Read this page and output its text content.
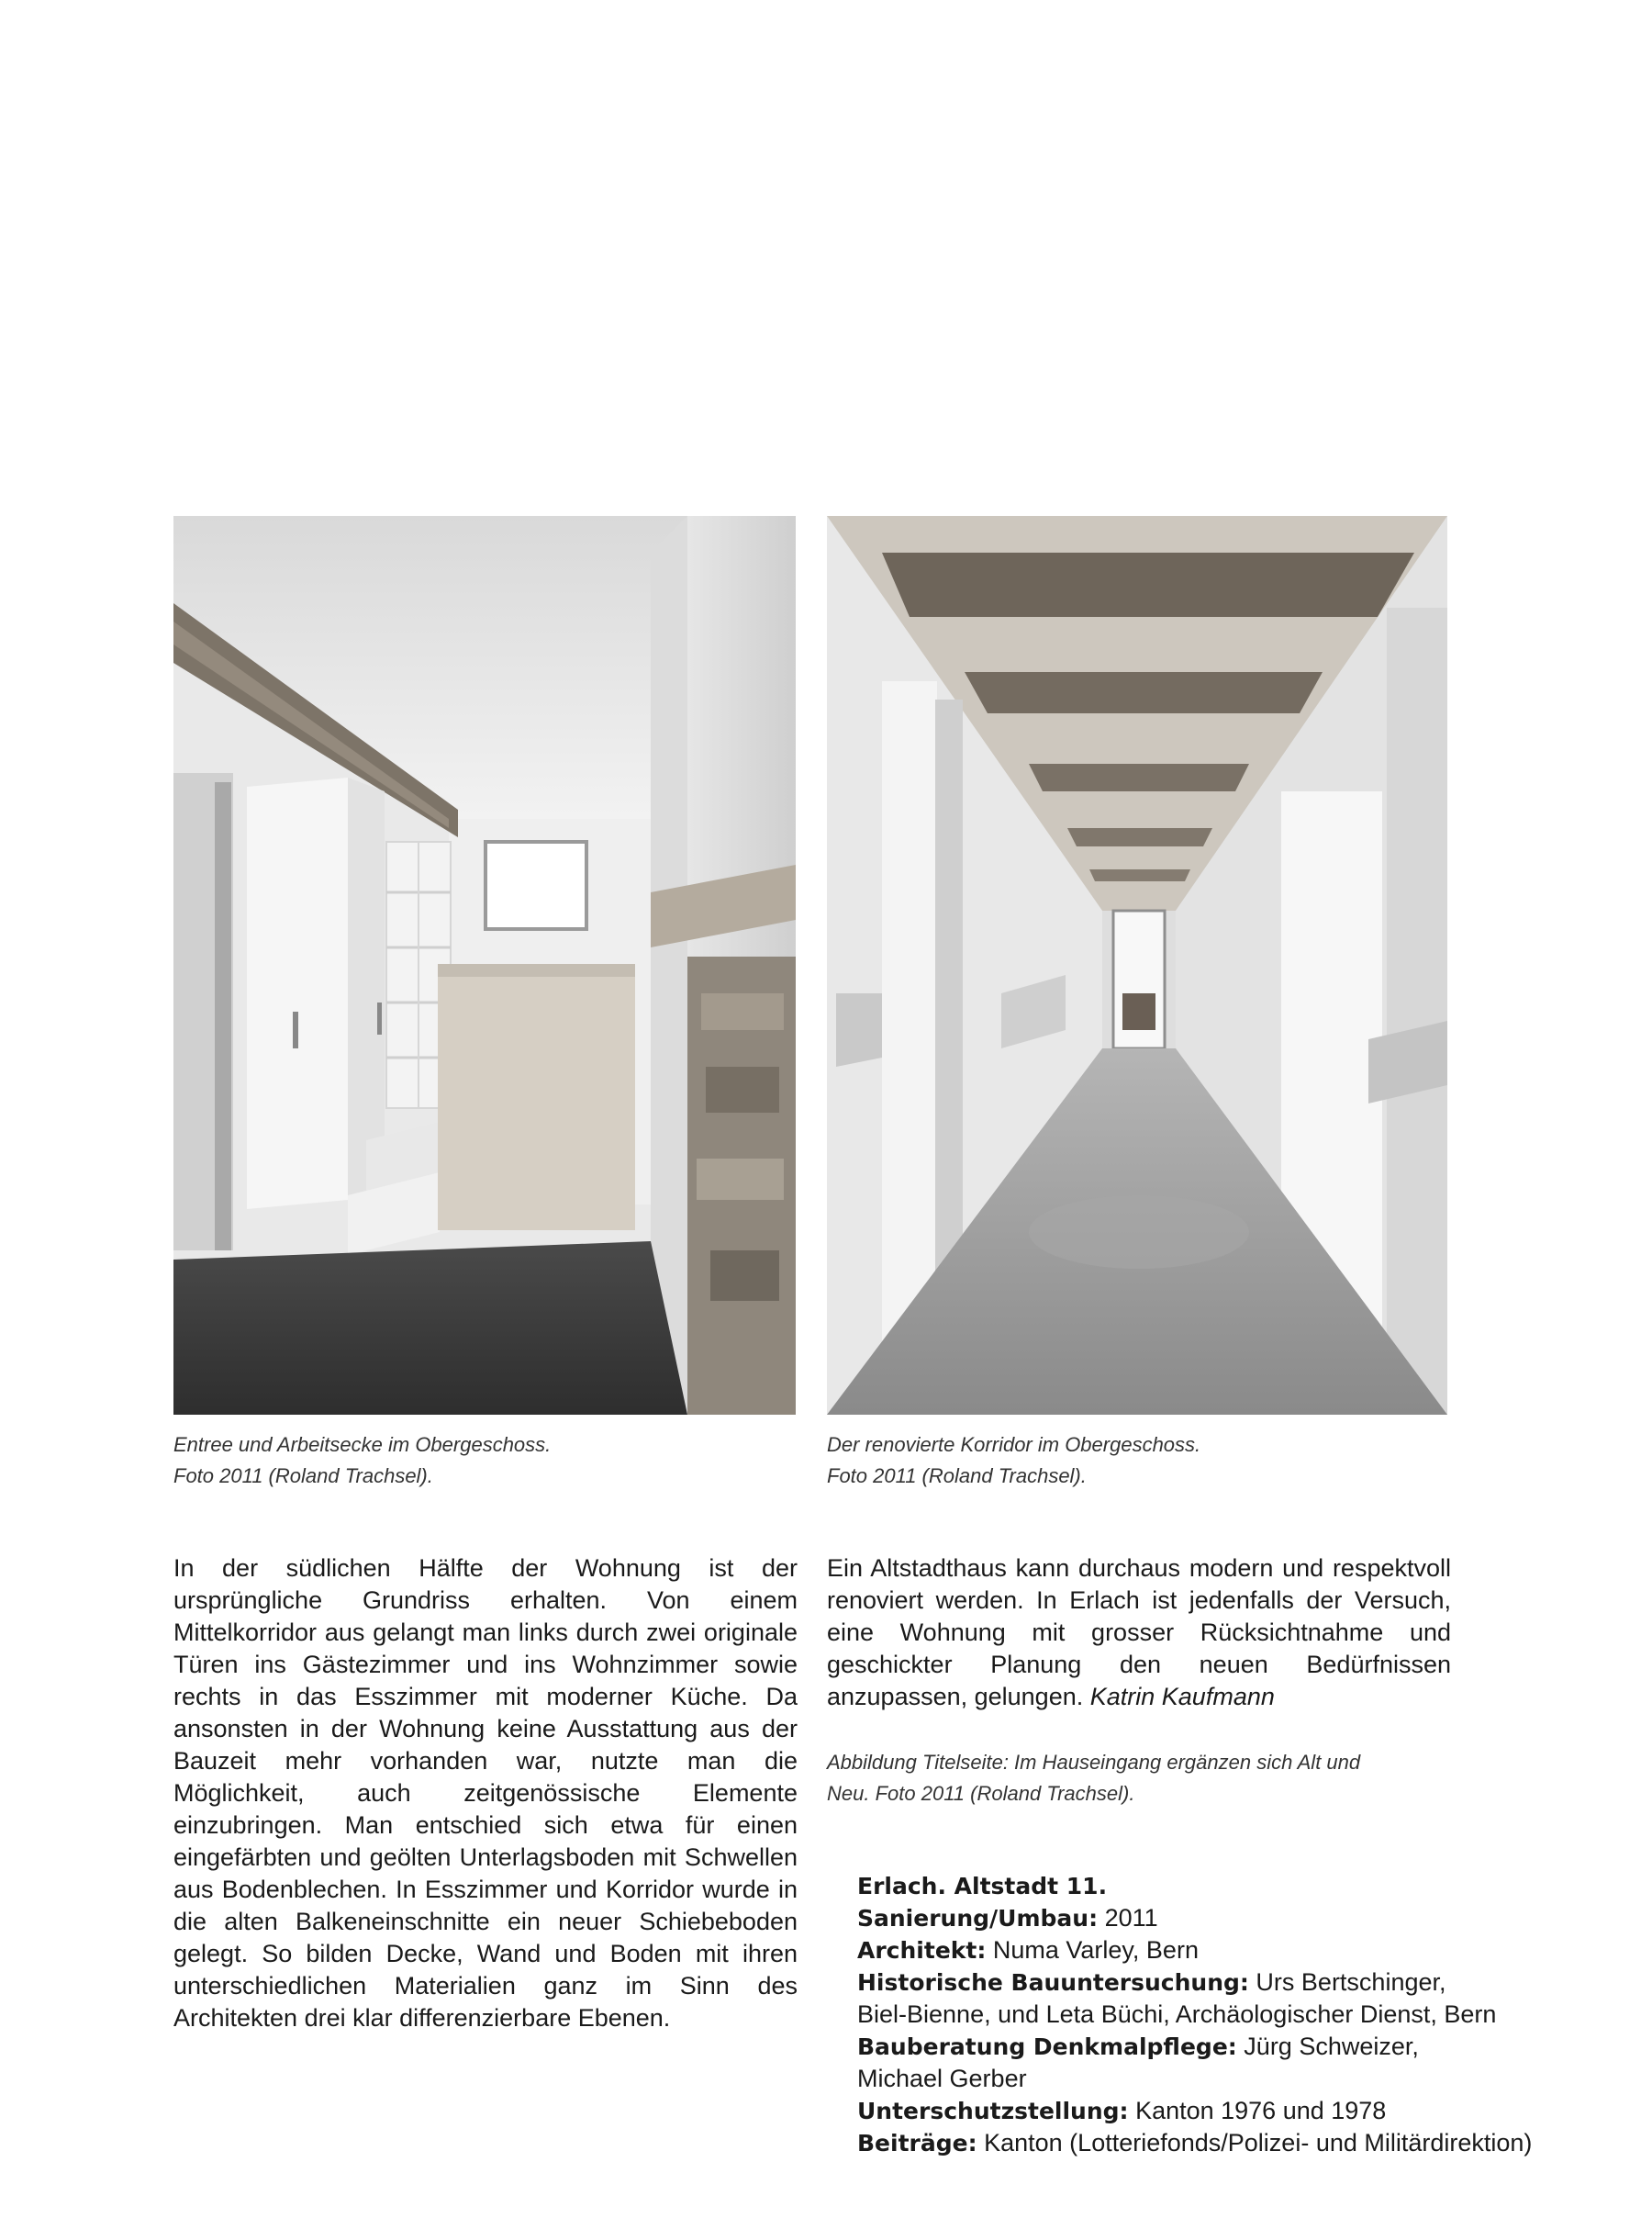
Entree und Arbeitsecke im Obergeschoss.
Foto 2011 (Roland Trachsel).
Der renovierte Korridor im Obergeschoss.
Foto 2011 (Roland Trachsel).
In der südlichen Hälfte der Wohnung ist der ursprüngliche Grundriss erhalten. Von einem Mittelkorridor aus gelangt man links durch zwei originale Türen ins Gästezimmer und ins Wohnzimmer sowie rechts in das Esszimmer mit moderner Küche. Da ansonsten in der Wohnung keine Ausstattung aus der Bauzeit mehr vorhanden war, nutzte man die Möglichkeit, auch zeitgenössische Elemente einzubringen. Man entschied sich etwa für einen eingefärbten und geölten Unterlagsboden mit Schwellen aus Bodenblechen. In Esszimmer und Korridor wurde in die alten Balkeneinschnitte ein neuer Schiebeboden gelegt. So bilden Decke, Wand und Boden mit ihren unterschiedlichen Materialien ganz im Sinn des Architekten drei klar differenzierbare Ebenen.
Ein Altstadthaus kann durchaus modern und respektvoll renoviert werden. In Erlach ist jedenfalls der Versuch, eine Wohnung mit grosser Rücksichtnahme und geschickter Planung den neuen Bedürfnissen anzupassen, gelungen. Katrin Kaufmann
Abbildung Titelseite: Im Hauseingang ergänzen sich Alt und
Neu. Foto 2011 (Roland Trachsel).
Erlach. Altstadt 11.
Sanierung/Umbau: 2011
Architekt: Numa Varley, Bern
Historische Bauuntersuchung: Urs Bertschinger,
Biel-Bienne, und Leta Büchi, Archäologischer Dienst, Bern
Bauberatung Denkmalpflege: Jürg Schweizer,
Michael Gerber
Unterschutzstellung: Kanton 1976 und 1978
Beiträge: Kanton (Lotteriefonds/Polizei- und Militärdirektion)
